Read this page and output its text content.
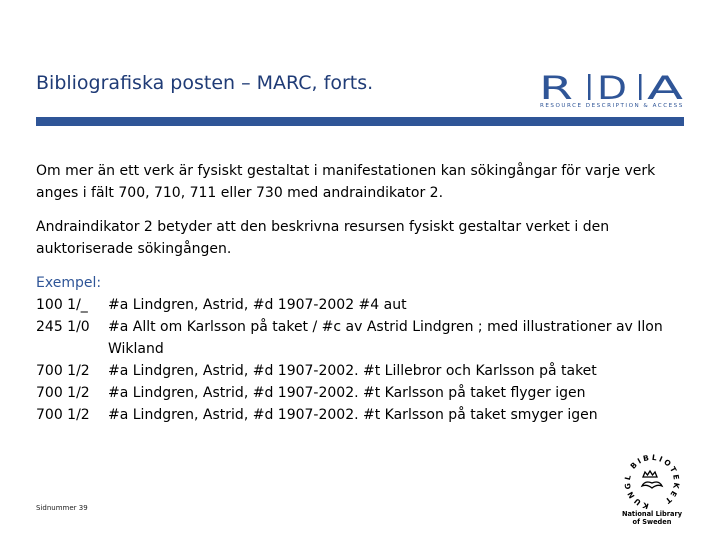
Bibliografiska posten – MARC, forts.	R D A
RESOURCE DESCRIPTION & ACCESS

Om mer än ett verk är fysiskt gestaltat i manifestationen kan sökingångar för varje verk anges i fält 700, 710, 711 eller 730 med andraindikator 2.

Andraindikator 2 betyder att den beskrivna resursen fysiskt gestaltar verket i den auktoriserade sökingången.

Exempel:
100 1/_	#a Lindgren, Astrid, #d 1907-2002 #4 aut
245 1/0	#a Allt om Karlsson på taket / #c av Astrid Lindgren ; med illustrationer av Ilon Wikland
700 1/2	#a Lindgren, Astrid, #d 1907-2002. #t Lillebror och Karlsson på taket
700 1/2	#a Lindgren, Astrid, #d 1907-2002. #t Karlsson på taket flyger igen
700 1/2	#a Lindgren, Astrid, #d 1907-2002. #t Karlsson på taket smyger igen
Sidnummer 39	KUNGL BIBLIOTEKET
National Library
of Sweden
